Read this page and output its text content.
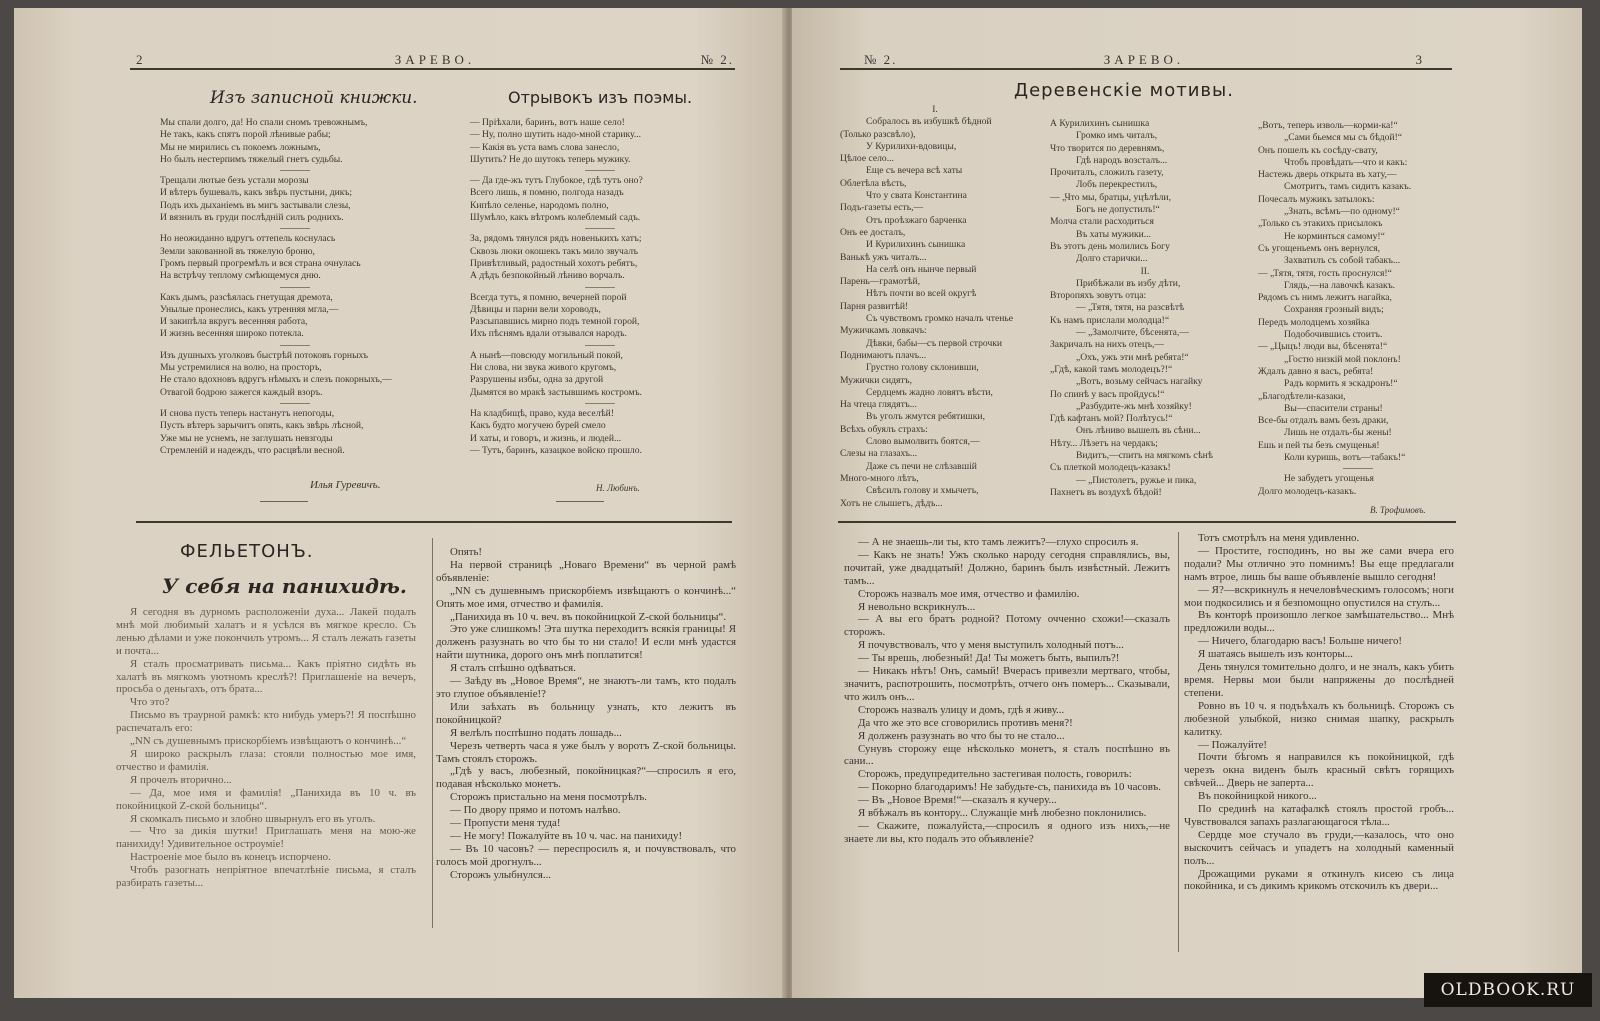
2	ЗАРЕВО.	№ 2.
Изъ записной книжки.
Мы спали долго, да! Но спали сномъ тревожнымъ,
Не такъ, какъ спятъ порой лѣнивые рабы;
Мы не мирились съ покоемъ ложнымъ,
Но былъ нестерпимъ тяжелый гнетъ судьбы.
Трещали лютые безъ устали морозы
И вѣтеръ бушевалъ, какъ звѣрь пустыни, дикъ;
Подъ ихъ дыханіемъ въ мигъ застывали слезы,
И вязнилъ въ груди послѣдній силъ роднихъ.
Но неожиданно вдругъ оттепель коснулась
Земли закованной въ тяжелую броню,
Громъ первый прогремѣлъ и вся страна очнулась
На встрѣчу теплому смѣющемуся дню.
Какъ дымъ, разсѣялась гнетущая дремота,
Унылые пронеслись, какъ утренняя мгла,—
И закипѣла вкругъ весенняя работа,
И жизнь весенняя широко потекла.
Изъ душныхъ уголковъ быстрѣй потоковъ горныхъ
Мы устремилися на волю, на просторъ,
Не стало вдохновъ вдругъ нѣмыхъ и слезъ покорныхъ,—
Отвагой бодрою зажегся каждый взоръ.
И снова пусть теперь настанутъ непогоды,
Пусть вѣтеръ зарычитъ опять, какъ звѣрь лѣсной,
Уже мы не уснемъ, не заглушать невзгоды
Стремленій и надеждъ, что расцвѣли весной.
Илья Гуревичъ.
Отрывокъ изъ поэмы.
— Пріѣхали, баринъ, вотъ наше село!
— Ну, полно шутить надо-мной старику...
— Какія въ уста вамъ слова занесло,
Шутить? Не до шутокъ теперь мужику.
— Да где-жъ тутъ Глубокое, гдѣ тутъ оно?
Всего лишь, я помню, полгода назадъ
Кипѣло селенье, народомъ полно,
Шумѣло, какъ вѣтромъ колеблемый садъ.
За, рядомъ тянулся рядъ новенькихъ хатъ;
Сквозь люки окошекъ такъ мило звучалъ
Привѣтливый, радостный хохотъ ребятъ,
А дѣдъ безпокойный лѣниво ворчалъ.
Всегда тутъ, я помню, вечерней порой
Дѣвицы и парни вели хороводъ,
Разсыпавшись мирно подъ темной горой,
Ихъ пѣснямъ вдали отзывался народъ.
А нынѣ—повсюду могильный покой,
Ни слова, ни звука живого кругомъ,
Разрушены избы, одна за другой
Дымятся во мракѣ застывшимъ костромъ.
На кладбищѣ, право, куда веселѣй!
Какъ будто могучею бурей смело
И хаты, и говоръ, и жизнь, и людей...
— Тутъ, баринъ, казацкое войско прошло.
Н. Любинъ.
ФЕЛЬЕТОНЪ.
У себя на панихидѣ.

Я сегодня въ дурномъ расположеніи духа... Лакей подалъ мнѣ мой любимый халатъ и я усѣлся въ мягкое кресло. Съ ленью дѣлами и уже покончилъ утромъ... Я сталъ лежать газеты и почта...

Я сталъ просматривать письма... Какъ пріятно сидѣть въ халатѣ въ мягкомъ уютномъ креслѣ?! Приглашеніе на вечеръ, просьба о деньгахъ, отъ брата...

Что это?

Письмо въ траурной рамкѣ: кто нибудь умеръ?! Я поспѣшно распечаталъ его:

„NN съ душевнымъ прискорбіемъ извѣщаютъ о кончинѣ...“

Я широко раскрылъ глаза: стояли полностью мое имя, отчество и фамилія.

Я прочелъ вторично...

— Да, мое имя и фамилія! „Панихида въ 10 ч. въ покойницкой Z-ской больницы“.

Я скомкалъ письмо и злобно швырнулъ его въ уголъ.

— Что за дикія шутки! Приглашать меня на мою-же панихиду! Удивительное остроуміе!

Настроеніе мое было въ конецъ испорчено.

Чтобъ разогнать непріятное впечатлѣніе письма, я сталъ разбирать газеты...

Опять!

На первой страницѣ „Новаго Времени“ въ черной рамѣ объявленіе:

„NN съ душевнымъ прискорбіемъ извѣщаютъ о кончинѣ...“ Опять мое имя, отчество и фамилія.

„Панихида въ 10 ч. веч. въ покойницкой Z-ской больницы“.

Это уже слишкомъ! Эта шутка переходитъ всякія границы! Я долженъ разузнать во что бы то ни стало! И если мнѣ удастся найти шутника, дорого онъ мнѣ поплатится!

Я сталъ спѣшно одѣваться.

— Заѣду въ „Новое Время“, не знаютъ-ли тамъ, кто подалъ это глупое объявленіе!?

Или заѣхать въ больницу узнать, кто лежитъ въ покойницкой?

Я велѣлъ поспѣшно подать лошадь...

Черезъ четверть часа я уже былъ у воротъ Z-ской больницы. Тамъ стоялъ сторожъ.

„Гдѣ у васъ, любезный, покойницкая?“—спросилъ я его, подавая нѣсколько монетъ.

Сторожъ пристально на меня посмотрѣлъ.

— По двору прямо и потомъ налѣво.

— Пропусти меня туда!

— Не могу! Пожалуйте въ 10 ч. час. на панихиду!

— Въ 10 часовъ? — переспросилъ я, и почувствовалъ, что голосъ мой дрогнулъ...

Сторожъ улыбнулся...

3
ЗАРЕВО.
№ 2.
Деревенскіе мотивы.
I.
Собралось въ избушкѣ бѣдной
(Только разсвѣло),
У Курилихи-вдовицы,
Цѣлое село...
Еще съ вечера всѣ хаты
Облетѣла вѣсть,
Что у свата Константина
Подъ-газеты есть,—
Отъ проѣзжаго барченка
Онъ ее досталъ,
И Курилихинъ сынишка
Ванькѣ ужъ читалъ...
На селѣ онъ нынче первый
Парень—грамотѣй,
Нѣтъ почти во всей округѣ
Парня развитѣй!
Съ чувствомъ громко началъ чтенье
Мужичкамъ ловкачъ:
Дѣвки, бабы—съ первой строчки
Поднимаютъ плачъ...
Грустно голову склонивши,
Мужички сидятъ,
Сердцемъ жадно ловятъ вѣсти,
На чтеца глядятъ...
Въ уголъ жмутся ребятишки,
Всѣхъ обуялъ страхъ:
Слово вымолвить боятся,—
Слезы на глазахъ...
Даже съ печи не слѣзавшій
Много-много лѣтъ,
Свѣсилъ голову и хмычетъ,
Хотъ не слышетъ, дѣдъ...
А Курилихинъ сынишка
Громко имъ читалъ,
Что творится по деревнямъ,
Гдѣ народъ возсталъ...
Прочиталъ, сложилъ газету,
Лобъ перекрестилъ,
— „Что мы, братцы, уцѣлѣли,
Богъ не допустилъ!“
Молча стали расходиться
Въ хаты мужики...
Въ этотъ день молились Богу
Долго старички...
II.
Прибѣжали въ избу дѣти,
Второпяхъ зовутъ отца:
— „Тятя, тятя, на разсвѣтѣ
Къ намъ прислали молодца!“
— „Замолчите, бѣсенята,—
Закричалъ на нихъ отецъ,—
„Охъ, ужъ эти мнѣ ребята!“
„Гдѣ, какой тамъ молодецъ?!“
„Вотъ, возьму сейчасъ нагайку
По спинѣ у васъ пройдусь!“
„Разбудите-жъ мнѣ хозяйку!
Гдѣ кафтанъ мой? Полѣтусь!“
Онъ лѣниво вышелъ въ сѣни...
Нѣту... Лѣзетъ на чердакъ;
Видитъ,—спитъ на мягкомъ сѣнѣ
Съ плеткой молодецъ-казакъ!
— „Пистолетъ, ружье и пика,
Пахнетъ въ воздухѣ бѣдой!
„Вотъ, теперь изволь—корми-ка!“
„Сами бьемся мы съ бѣдой!“
Онъ пошелъ къ сосѣду-свату,
Чтобъ провѣдать—что и какъ:
Настежь дверь открыта въ хату,—
Смотритъ, тамъ сидитъ казакъ.
Почесалъ мужикъ затылокъ:
„Знать, всѣмъ—по одному!“
„Только съ этакихъ присылокъ
Не корминться самому!“
Съ угощеньемъ онъ вернулся,
Захватилъ съ собой табакъ...
— „Тятя, тятя, гость проснулся!“
Глядь,—на лавочкѣ казакъ.
Рядомъ съ нимъ лежитъ нагайка,
Сохраняя грозный видъ;
Передъ молодцемъ хозяйка
Подобочившись стоитъ.
— „Цыцъ! люди вы, бѣсенята!“
„Гостю низкій мой поклонъ!
Ждалъ давно я васъ, ребята!
Радъ кормить я эскадронъ!“
„Благодѣтели-казаки,
Вы—спасители страны!
Все-бы отдалъ вамъ безъ драки,
Лишь не отдалъ-бы жены!
Ешь и пей ты безъ смущенья!
Коли куришь, вотъ—табакъ!“
Не забудетъ угощенья
Долго молодецъ-казакъ.
В. Трофимовъ.

— А не знаешь-ли ты, кто тамъ лежитъ?—глухо спросилъ я.

— Какъ не знать! Ужъ сколько народу сегодня справлялись, вы, почитай, уже двадцатый! Должно, баринъ былъ извѣстный. Лежитъ тамъ...

Сторожъ назвалъ мое имя, отчество и фамилію.

Я невольно вскрикнулъ...

— А вы его братъ родной? Потому очченно схожи!—сказалъ сторожъ.

Я почувствовалъ, что у меня выступилъ холодный потъ...

— Ты врешь, любезный! Да! Ты можетъ быть, выпилъ?!

— Никакъ нѣтъ! Онъ, самый! Вчерасъ привезли мертваго, чтобы, значитъ, распотрошить, посмотрѣть, отчего онъ померъ... Сказывали, что жилъ онъ...

Сторожъ назвалъ улицу и домъ, гдѣ я живу...

Да что же это все сговорились противъ меня?!

Я долженъ разузнать во что бы то не стало...

Сунувъ сторожу еще нѣсколько монетъ, я сталъ поспѣшно въ сани...

Сторожъ, предупредительно застегивая полость, говорилъ:

— Покорно благодаримъ! Не забудьте-съ, панихида въ 10 часовъ.

— Въ „Новое Время!“—сказалъ я кучеру...

Я вбѣжалъ въ контору... Служащіе мнѣ любезно поклонились.

— Скажите, пожалуйста,—спросилъ я одного изъ нихъ,—не знаете ли вы, кто подалъ это объявленіе?

Тотъ смотрѣлъ на меня удивленно.

— Простите, господинъ, но вы же сами вчера его подали? Мы отлично это помнимъ! Вы еще предлагали намъ втрое, лишь бы ваше объявленіе вышло сегодня!

— Я?—вскрикнулъ я нечеловѣческимъ голосомъ; ноги мои подкосились и я безпомощно опустился на стулъ...

Въ конторѣ произошло легкое замѣшательство... Мнѣ предложили воды...

— Ничего, благодарю васъ! Больше ничего!

Я шатаясь вышелъ изъ конторы...

День тянулся томительно долго, и не зналъ, какъ убить время. Нервы мои были напряжены до послѣдней степени.

Ровно въ 10 ч. я подъѣхалъ къ больницѣ. Сторожъ съ любезной улыбкой, низко снимая шапку, раскрылъ калитку.

— Пожалуйте!

Почти бѣгомъ я направился къ покойницкой, гдѣ черезъ окна виденъ былъ красный свѣтъ горящихъ свѣчей... Дверь не заперта...

Въ покойницкой никого...

По срединѣ на катафалкѣ стоялъ простой гробъ... Чувствовался запахъ разлагающагося тѣла...

Сердце мое стучало въ груди,—казалось, что оно выскочитъ сейчасъ и упадетъ на холодный каменный полъ...

Дрожащими руками я откинулъ кисею съ лица покойника, и съ дикимъ крикомъ отскочилъ къ двери...

OLDBOOK.RU
